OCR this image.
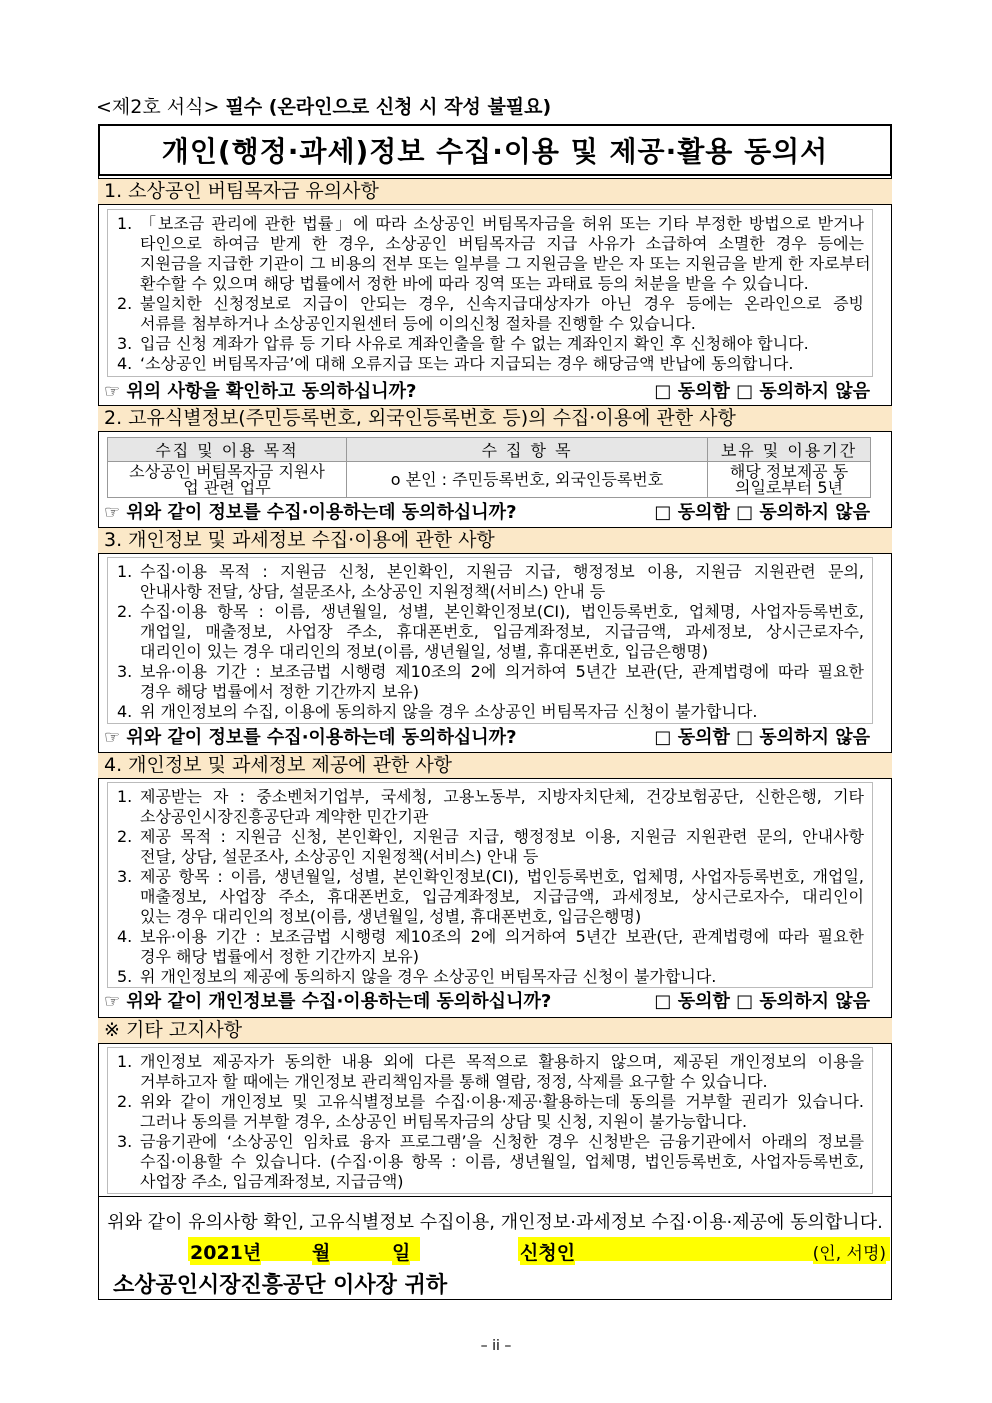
<제2호 서식> 필수 (온라인으로 신청 시 작성 불필요)
개인(행정·과세)정보 수집·이용 및 제공·활용 동의서
1. 소상공인 버팀목자금 유의사항
1. 「보조금 관리에 관한 법률」에 따라 소상공인 버팀목자금을 허위 또는 기타 부정한 방법으로 받거나
타인으로 하여금 받게 한 경우, 소상공인 버팀목자금 지급 사유가 소급하여 소멸한 경우 등에는
지원금을 지급한 기관이 그 비용의 전부 또는 일부를 그 지원금을 받은 자 또는 지원금을 받게 한 자로부터
환수할 수 있으며 해당 법률에서 정한 바에 따라 징역 또는 과태료 등의 처분을 받을 수 있습니다.
2. 불일치한 신청정보로 지급이 안되는 경우, 신속지급대상자가 아닌 경우 등에는 온라인으로 증빙
서류를 첨부하거나 소상공인지원센터 등에 이의신청 절차를 진행할 수 있습니다.
3. 입금 신청 계좌가 압류 등 기타 사유로 계좌인출을 할 수 없는 계좌인지 확인 후 신청해야 합니다.
4. ‘소상공인 버팀목자금’에 대해 오류지급 또는 과다 지급되는 경우 해당금액 반납에 동의합니다.
☞ 위의 사항을 확인하고 동의하십니까?	□ 동의함 □ 동의하지 않음
2. 고유식별정보(주민등록번호, 외국인등록번호 등)의 수집·이용에 관한 사항
수집 및 이용 목적	수 집 항 목	보유 및 이용기간

소상공인 버팀목자금 지원사업 관련 업무	o 본인 : 주민등록번호, 외국인등록번호	해당 정보제공 동의일로부터 5년
☞ 위와 같이 정보를 수집·이용하는데 동의하십니까?	□ 동의함 □ 동의하지 않음
3. 개인정보 및 과세정보 수집·이용에 관한 사항
1. 수집·이용 목적 : 지원금 신청, 본인확인, 지원금 지급, 행정정보 이용, 지원금 지원관련 문의,
안내사항 전달, 상담, 설문조사, 소상공인 지원정책(서비스) 안내 등
2. 수집·이용 항목 : 이름, 생년월일, 성별, 본인확인정보(CI), 법인등록번호, 업체명, 사업자등록번호,
개업일, 매출정보, 사업장 주소, 휴대폰번호, 입금계좌정보, 지급금액, 과세정보, 상시근로자수,
대리인이 있는 경우 대리인의 정보(이름, 생년월일, 성별, 휴대폰번호, 입금은행명)
3. 보유·이용 기간 : 보조금법 시행령 제10조의 2에 의거하여 5년간 보관(단, 관계법령에 따라 필요한
경우 해당 법률에서 정한 기간까지 보유)
4. 위 개인정보의 수집, 이용에 동의하지 않을 경우 소상공인 버팀목자금 신청이 불가합니다.
☞ 위와 같이 정보를 수집·이용하는데 동의하십니까?	□ 동의함 □ 동의하지 않음
4. 개인정보 및 과세정보 제공에 관한 사항
1. 제공받는 자 : 중소벤처기업부, 국세청, 고용노동부, 지방자치단체, 건강보험공단, 신한은행, 기타
소상공인시장진흥공단과 계약한 민간기관
2. 제공 목적 : 지원금 신청, 본인확인, 지원금 지급, 행정정보 이용, 지원금 지원관련 문의, 안내사항
전달, 상담, 설문조사, 소상공인 지원정책(서비스) 안내 등
3. 제공 항목 : 이름, 생년월일, 성별, 본인확인정보(CI), 법인등록번호, 업체명, 사업자등록번호, 개업일,
매출정보, 사업장 주소, 휴대폰번호, 입금계좌정보, 지급금액, 과세정보, 상시근로자수, 대리인이
있는 경우 대리인의 정보(이름, 생년월일, 성별, 휴대폰번호, 입금은행명)
4. 보유·이용 기간 : 보조금법 시행령 제10조의 2에 의거하여 5년간 보관(단, 관계법령에 따라 필요한
경우 해당 법률에서 정한 기간까지 보유)
5. 위 개인정보의 제공에 동의하지 않을 경우 소상공인 버팀목자금 신청이 불가합니다.
☞ 위와 같이 개인정보를 수집·이용하는데 동의하십니까?	□ 동의함 □ 동의하지 않음
※ 기타 고지사항
1. 개인정보 제공자가 동의한 내용 외에 다른 목적으로 활용하지 않으며, 제공된 개인정보의 이용을
거부하고자 할 때에는 개인정보 관리책임자를 통해 열람, 정정, 삭제를 요구할 수 있습니다.
2. 위와 같이 개인정보 및 고유식별정보를 수집·이용·제공·활용하는데 동의를 거부할 권리가 있습니다.
그러나 동의를 거부할 경우, 소상공인 버팀목자금의 상담 및 신청, 지원이 불가능합니다.
3. 금융기관에 ‘소상공인 임차료 융자 프로그램’을 신청한 경우 신청받은 금융기관에서 아래의 정보를
수집·이용할 수 있습니다. (수집·이용 항목 : 이름, 생년월일, 업체명, 법인등록번호, 사업자등록번호,
사업장 주소, 입금계좌정보, 지급금액)
위와 같이 유의사항 확인, 고유식별정보 수집이용, 개인정보·과세정보 수집·이용·제공에 동의합니다.
2021년	월	일	신청인	(인, 서명)
소상공인시장진흥공단 이사장 귀하
– ii –
